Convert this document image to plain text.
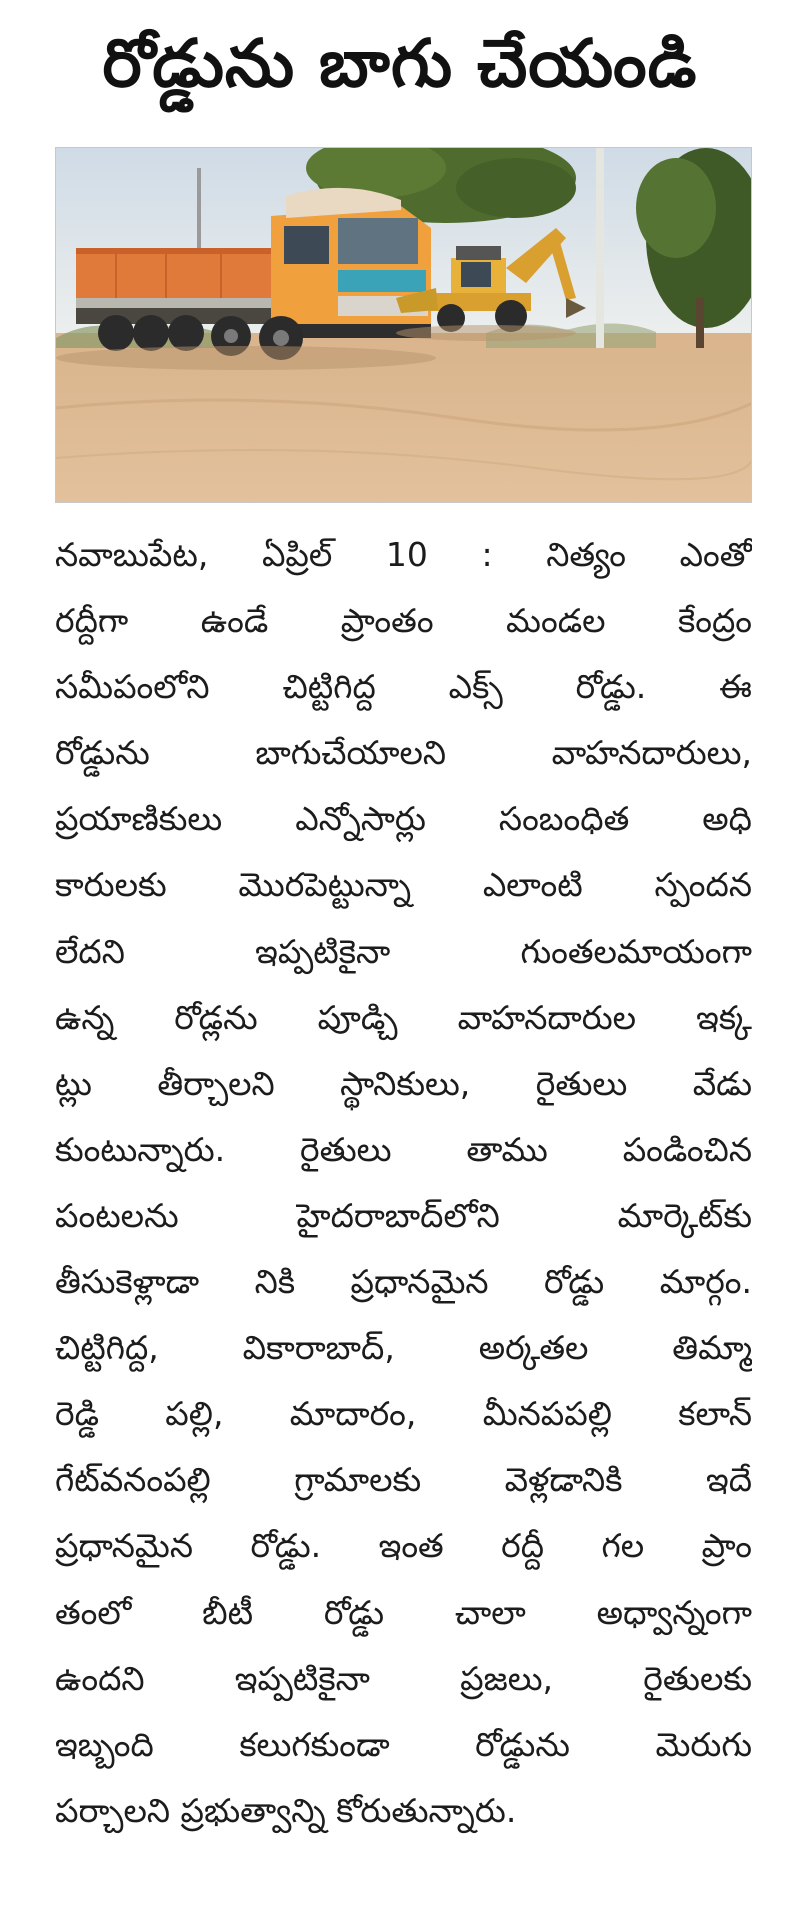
రోడ్డును బాగు చేయండి
నవాబుపేట, ఏప్రిల్ 10 : నిత్యం ఎంతో
రద్దీగా ఉండే ప్రాంతం మండల కేంద్రం
సమీపంలోని చిట్టిగిద్ద ఎక్స్ రోడ్డు. ఈ
రోడ్డును బాగుచేయాలని వాహనదారులు,
ప్రయాణికులు ఎన్నోసార్లు సంబంధిత అధి
కారులకు మొరపెట్టున్నా ఎలాంటి స్పందన
లేదని ఇప్పటికైనా గుంతలమాయంగా
ఉన్న రోడ్లను పూడ్చి వాహనదారుల ఇక్క
ట్లు తీర్చాలని స్థానికులు, రైతులు వేడు
కుంటున్నారు. రైతులు తాము పండించిన
పంటలను హైదరాబాద్‌లోని మార్కెట్‌కు
తీసుకెళ్లాడా నికి ప్రధానమైన రోడ్డు మార్గం.
చిట్టిగిద్ద, వికారాబాద్, అర్కతల తిమ్మా
రెడ్డి పల్లి, మాదారం, మీనపపల్లి కలాన్
గేట్‌వనంపల్లి గ్రామాలకు వెళ్లడానికి ఇదే
ప్రధానమైన రోడ్డు. ఇంత రద్దీ గల ప్రాం
తంలో బీటీ రోడ్డు చాలా అధ్వాన్నంగా
ఉందని ఇప్పటికైనా ప్రజలు, రైతులకు
ఇబ్బంది కలుగకుండా రోడ్డును మెరుగు
పర్చాలని ప్రభుత్వాన్ని కోరుతున్నారు.
